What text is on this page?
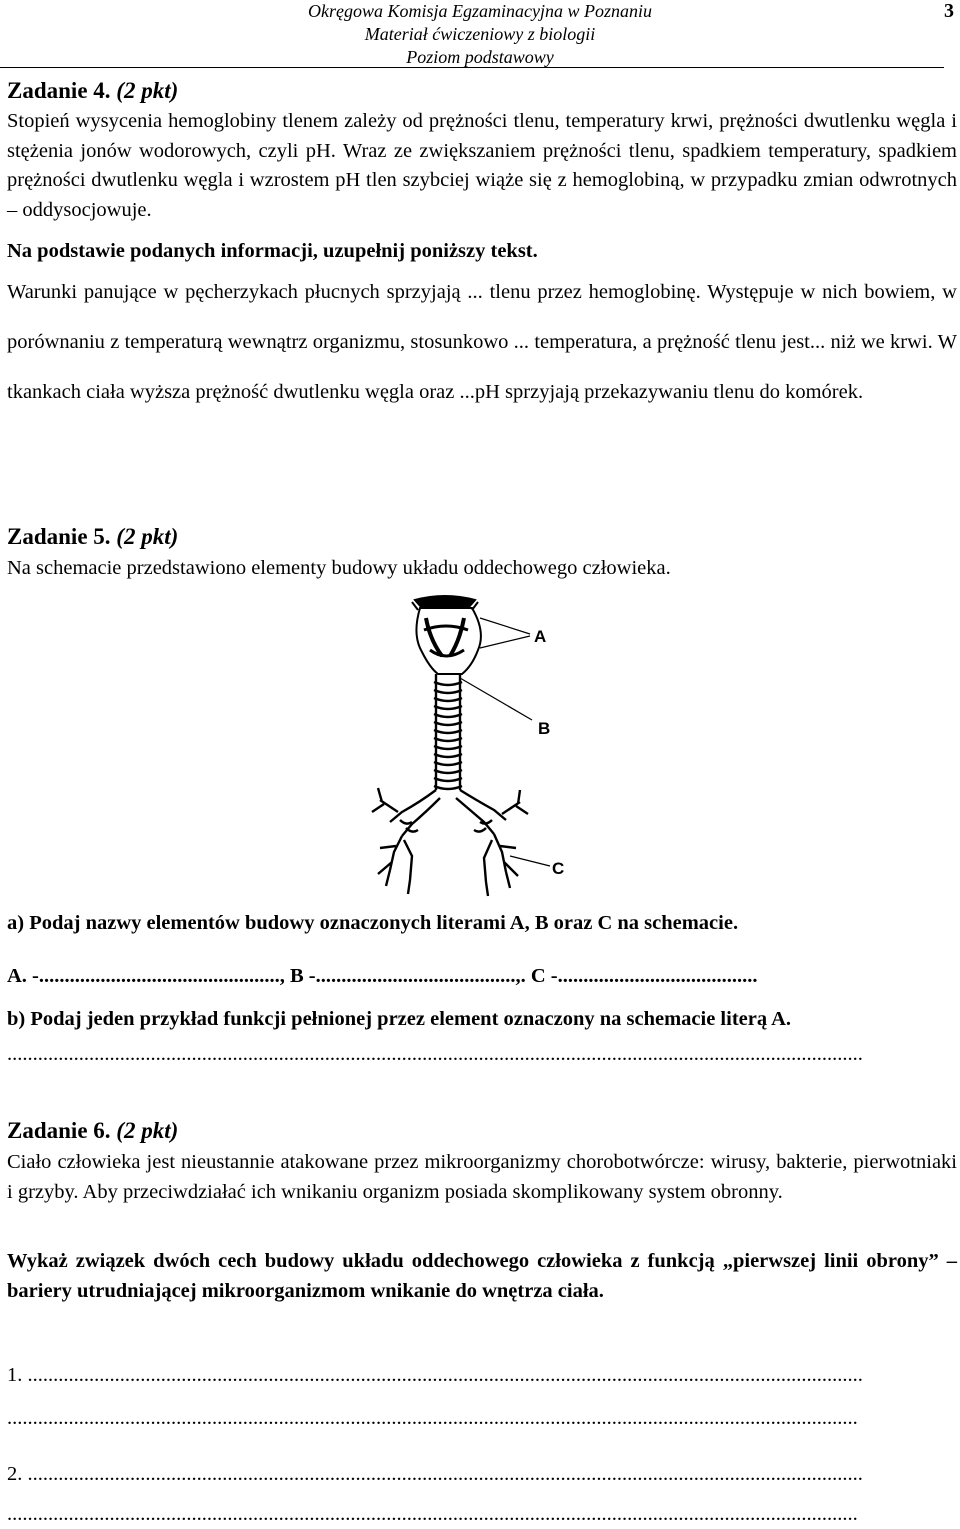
Okręgowa Komisja Egzaminacyjna w Poznaniu
Materiał ćwiczeniowy z biologii
Poziom podstawowy
3
Zadanie 4. (2 pkt)
Stopień wysycenia hemoglobiny tlenem zależy od prężności tlenu, temperatury krwi, prężności dwutlenku węgla i stężenia jonów wodorowych, czyli pH. Wraz ze zwiększaniem prężności tlenu, spadkiem temperatury, spadkiem prężności dwutlenku węgla i wzrostem pH tlen szybciej wiąże się z hemoglobiną, w przypadku zmian odwrotnych – oddysocjowuje.
Na podstawie podanych informacji, uzupełnij poniższy tekst.
Warunki panujące w pęcherzykach płucnych sprzyjają ... tlenu przez hemoglobinę. Występuje w nich bowiem, w porównaniu z temperaturą wewnątrz organizmu, stosunkowo ... temperatura, a prężność tlenu jest... niż we krwi. W tkankach ciała wyższa prężność dwutlenku węgla oraz ...pH sprzyjają przekazywaniu tlenu do komórek.
Zadanie 5. (2 pkt)
Na schemacie przedstawiono elementy budowy układu oddechowego człowieka.
A
B
C
a) Podaj nazwy elementów budowy oznaczonych literami A, B oraz C na schemacie.
A. -..............................................., B -.......................................,. C -.......................................
b) Podaj jeden przykład funkcji pełnionej przez element oznaczony na schemacie literą A.
.......................................................................................................................................................................
Zadanie 6. (2 pkt)
Ciało człowieka jest nieustannie atakowane przez mikroorganizmy chorobotwórcze: wirusy, bakterie, pierwotniaki i grzyby. Aby przeciwdziałać ich wnikaniu organizm posiada skomplikowany system obronny.
Wykaż związek dwóch cech budowy układu oddechowego człowieka z funkcją „pierwszej linii obrony” – bariery utrudniającej mikroorganizmom wnikanie do wnętrza ciała.
1. ...................................................................................................................................................................
......................................................................................................................................................................
2. ...................................................................................................................................................................
......................................................................................................................................................................
